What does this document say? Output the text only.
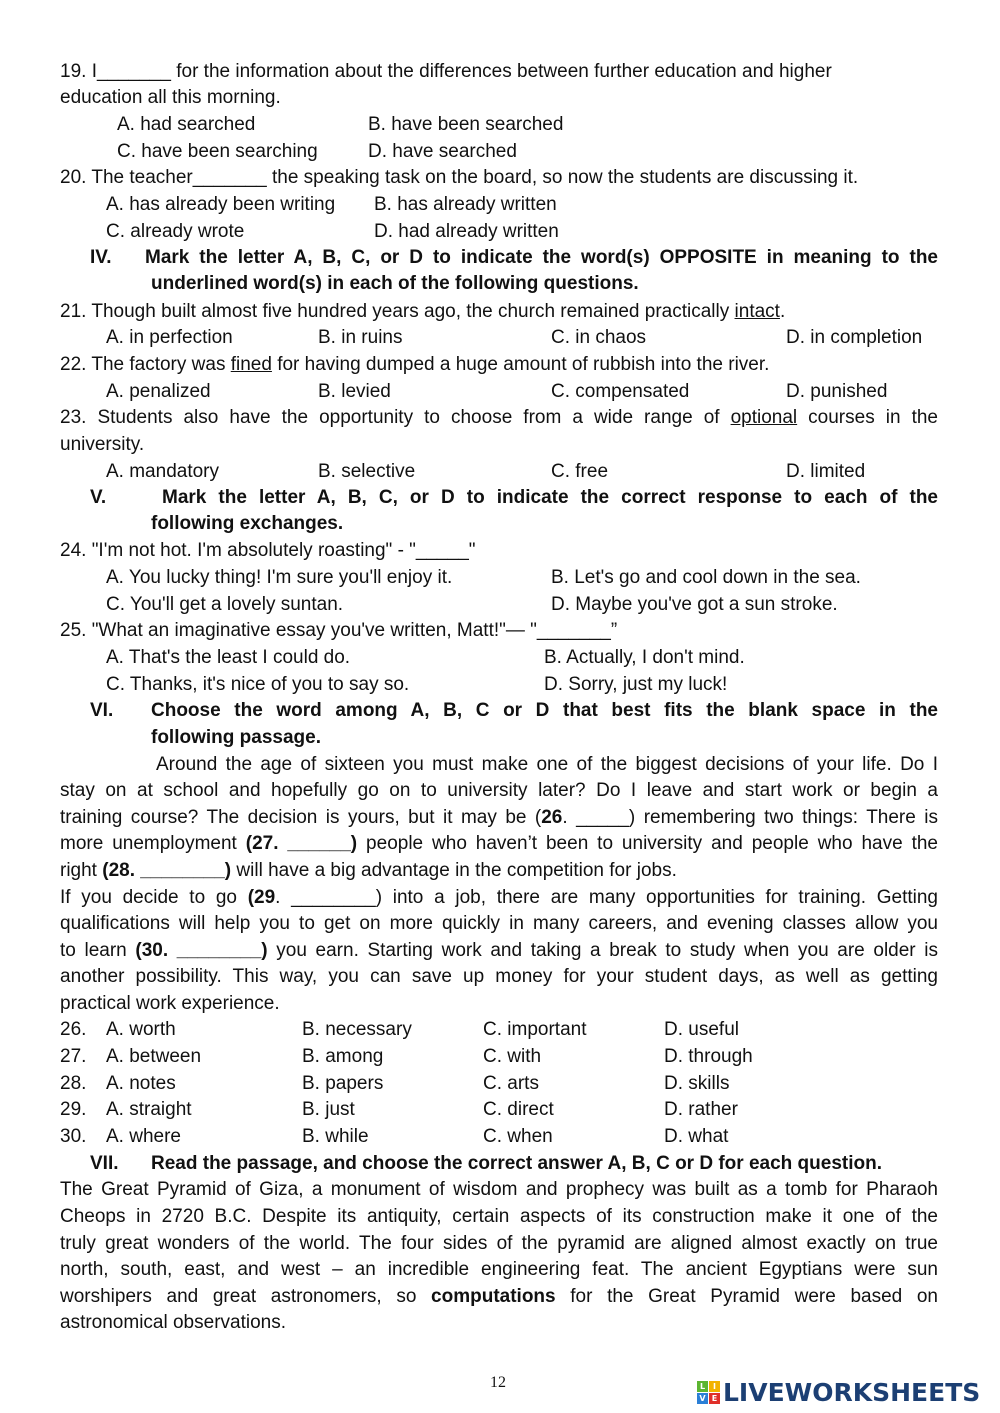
19. I_______ for the information about the differences between further education and higher
education all this morning.
A. had searched	B. have been searched
C. have been searching	D. have searched
20. The teacher_______ the speaking task on the board, so now the students are discussing it.
A. has already been writing B. has already written
C. already wrote	D. had already written
IV. Mark the letter A, B, C, or D to indicate the word(s) OPPOSITE in meaning to the
underlined word(s) in each of the following questions.
21. Though built almost five hundred years ago, the church remained practically intact.
A. in perfection	B. in ruins	C. in chaos	D. in completion
22. The factory was fined for having dumped a huge amount of rubbish into the river.
A. penalized	B. levied	C. compensated	D. punished
23. Students also have the opportunity to choose from a wide range of optional courses in the
university.
A. mandatory	B. selective	C. free	D. limited
V.	Mark the letter A, B, C, or D to indicate the correct response to each of the
following exchanges.
24. "I'm not hot. I'm absolutely roasting" - "_____"
A. You lucky thing! I'm sure you'll enjoy it.	B. Let's go and cool down in the sea.
C. You'll get a lovely suntan.	D. Maybe you've got a sun stroke.
25. "What an imaginative essay you've written, Matt!"— "_______”
A. That's the least I could do.	B. Actually, I don't mind.
C. Thanks, it's nice of you to say so.	D. Sorry, just my luck!
VI. Choose the word among A, B, C or D that best fits the blank space in the
following passage.
Around the age of sixteen you must make one of the biggest decisions of your life. Do I
stay on at school and hopefully go on to university later? Do I leave and start work or begin a
training course? The decision is yours, but it may be (26. _____) remembering two things: There is
more unemployment (27. ______) people who haven’t been to university and people who have the
right (28. ________) will have a big advantage in the competition for jobs.
If you decide to go (29. ________) into a job, there are many opportunities for training. Getting
qualifications will help you to get on more quickly in many careers, and evening classes allow you
to learn (30. ________) you earn. Starting work and taking a break to study when you are older is
another possibility. This way, you can save up money for your student days, as well as getting
practical work experience.
26. A. worth	B. necessary	C. important	D. useful
27. A. between	B. among	C. with	D. through
28. A. notes	B. papers	C. arts	D. skills
29. A. straight	B. just	C. direct	D. rather
30. A. where	B. while	C. when	D. what
VII. Read the passage, and choose the correct answer A, B, C or D for each question.
The Great Pyramid of Giza, a monument of wisdom and prophecy was built as a tomb for Pharaoh
Cheops in 2720 B.C. Despite its antiquity, certain aspects of its construction make it one of the
truly great wonders of the world. The four sides of the pyramid are aligned almost exactly on true
north, south, east, and west – an incredible engineering feat. The ancient Egyptians were sun
worshipers and great astronomers, so computations for the Great Pyramid were based on
astronomical observations.
12	L I
V E LIVEWORKSHEETS
